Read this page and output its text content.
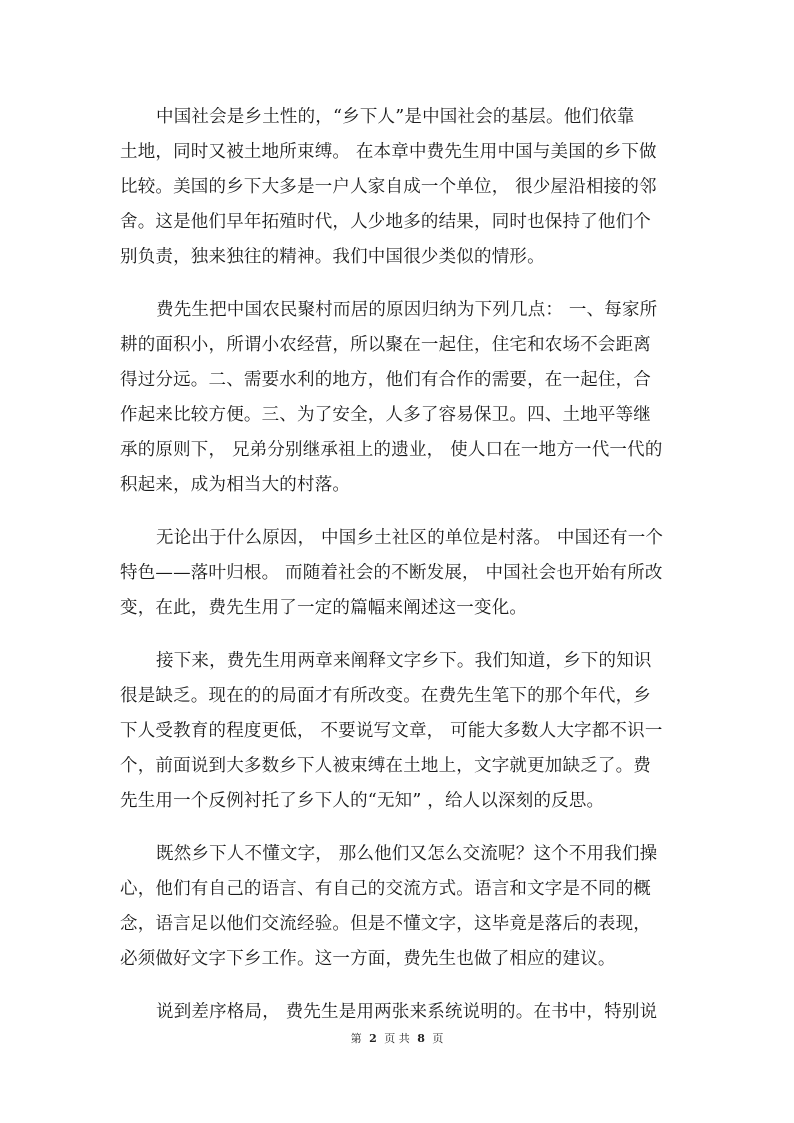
中国社会是乡土性的，“乡下人”是中国社会的基层。他们依靠
土地，同时又被土地所束缚。 在本章中费先生用中国与美国的乡下做
比较。美国的乡下大多是一户人家自成一个单位， 很少屋沿相接的邻
舍。这是他们早年拓殖时代，人少地多的结果，同时也保持了他们个
别负责，独来独往的精神。我们中国很少类似的情形。
费先生把中国农民聚村而居的原因归纳为下列几点： 一、每家所
耕的面积小，所谓小农经营，所以聚在一起住，住宅和农场不会距离
得过分远。二、需要水利的地方，他们有合作的需要，在一起住，合
作起来比较方便。三、为了安全，人多了容易保卫。四、土地平等继
承的原则下， 兄弟分别继承祖上的遗业， 使人口在一地方一代一代的
积起来，成为相当大的村落。
无论出于什么原因， 中国乡土社区的单位是村落。 中国还有一个
特色——落叶归根。 而随着社会的不断发展， 中国社会也开始有所改
变，在此，费先生用了一定的篇幅来阐述这一变化。
接下来，费先生用两章来阐释文字乡下。我们知道，乡下的知识
很是缺乏。现在的的局面才有所改变。在费先生笔下的那个年代，乡
下人受教育的程度更低， 不要说写文章， 可能大多数人大字都不识一
个，前面说到大多数乡下人被束缚在土地上，文字就更加缺乏了。费
先生用一个反例衬托了乡下人的“无知” ，给人以深刻的反思。
既然乡下人不懂文字， 那么他们又怎么交流呢？这个不用我们操
心，他们有自己的语言、有自己的交流方式。语言和文字是不同的概
念，语言足以他们交流经验。但是不懂文字，这毕竟是落后的表现，
必须做好文字下乡工作。这一方面，费先生也做了相应的建议。
说到差序格局， 费先生是用两张来系统说明的。在书中，特别说
第 2 页 共 8 页
